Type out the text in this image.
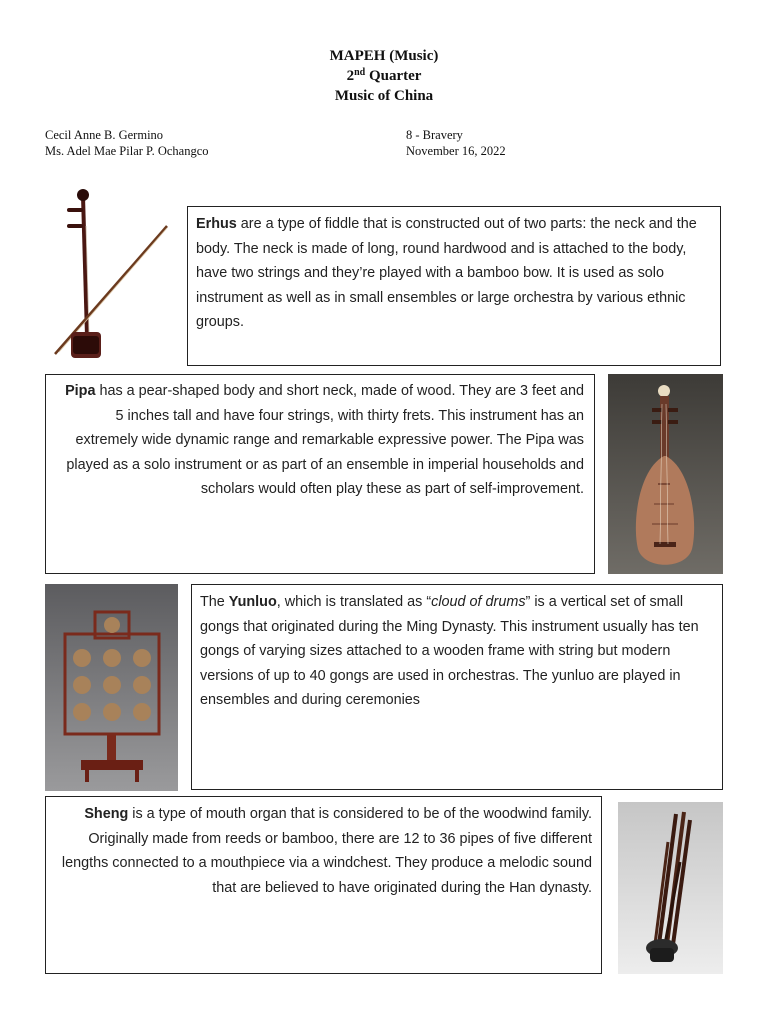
MAPEH (Music)
2nd Quarter
Music of China
Cecil Anne B. Germino
Ms. Adel Mae Pilar P. Ochangco
8 - Bravery
November 16, 2022

Erhus are a type of fiddle that is constructed out of two parts: the neck and the body. The neck is made of long, round hardwood and is attached to the body, have two strings and they’re played with a bamboo bow. It is used as solo instrument as well as in small ensembles or large orchestra by various ethnic groups.

Pipa has a pear-shaped body and short neck, made of wood. They are 3 feet and 5 inches tall and have four strings, with thirty frets. This instrument has an extremely wide dynamic range and remarkable expressive power. The Pipa was played as a solo instrument or as part of an ensemble in imperial households and scholars would often play these as part of self-improvement.

The Yunluo, which is translated as “cloud of drums” is a vertical set of small gongs that originated during the Ming Dynasty. This instrument usually has ten gongs of varying sizes attached to a wooden frame with string but modern versions of up to 40 gongs are used in orchestras. The yunluo are played in ensembles and during ceremonies

Sheng is a type of mouth organ that is considered to be of the woodwind family. Originally made from reeds or bamboo, there are 12 to 36 pipes of five different lengths connected to a mouthpiece via a windchest. They produce a melodic sound that are believed to have originated during the Han dynasty.
